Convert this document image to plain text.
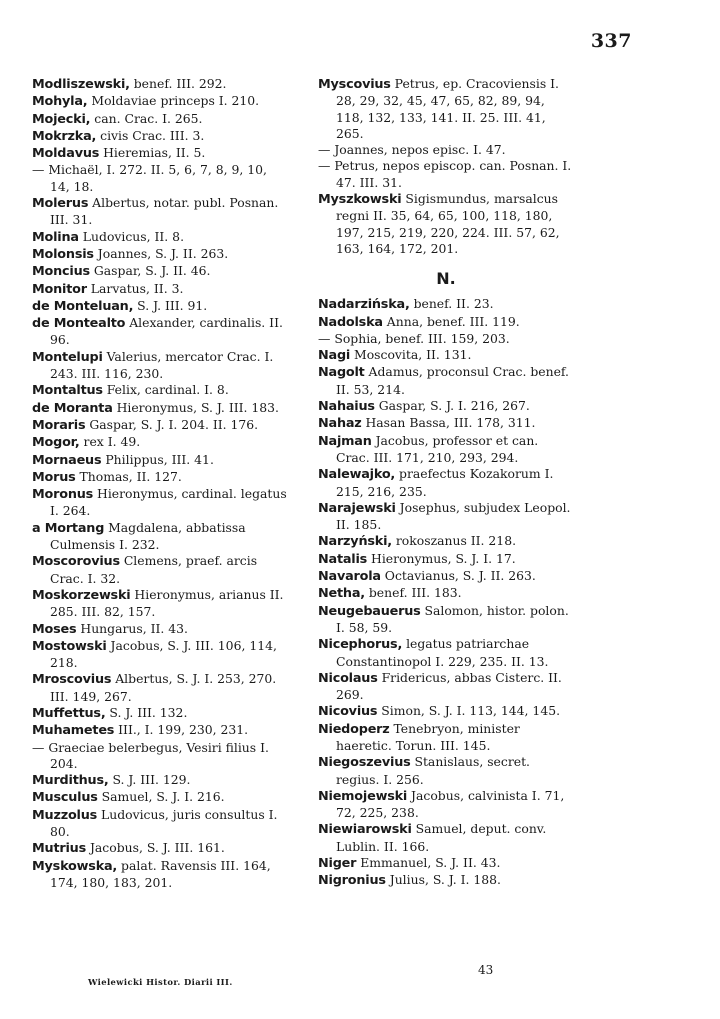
337

Modliszewski, benef. III. 292.

Mohyla, Moldaviae princeps I. 210.

Mojecki, can. Crac. I. 265.

Mokrzka, civis Crac. III. 3.

Moldavus Hieremias, II. 5.

— Michaël, I. 272. II. 5, 6, 7, 8, 9, 10, 14, 18.

Molerus Albertus, notar. publ. Posnan. III. 31.

Molina Ludovicus, II. 8.

Molonsis Joannes, S. J. II. 263.

Moncius Gaspar, S. J. II. 46.

Monitor Larvatus, II. 3.

de Monteluan, S. J. III. 91.

de Montealto Alexander, cardinalis. II. 96.

Montelupi Valerius, mercator Crac. I. 243. III. 116, 230.

Montaltus Felix, cardinal. I. 8.

de Moranta Hieronymus, S. J. III. 183.

Moraris Gaspar, S. J. I. 204. II. 176.

Mogor, rex I. 49.

Mornaeus Philippus, III. 41.

Morus Thomas, II. 127.

Moronus Hieronymus, cardinal. legatus I. 264.

a Mortang Magdalena, abbatissa Culmensis I. 232.

Moscorovius Clemens, praef. arcis Crac. I. 32.

Moskorzewski Hieronymus, arianus II. 285. III. 82, 157.

Moses Hungarus, II. 43.

Mostowski Jacobus, S. J. III. 106, 114, 218.

Mroscovius Albertus, S. J. I. 253, 270. III. 149, 267.

Muffettus, S. J. III. 132.

Muhametes III., I. 199, 230, 231.

— Graeciae belerbegus, Vesiri filius I. 204.

Murdithus, S. J. III. 129.

Musculus Samuel, S. J. I. 216.

Muzzolus Ludovicus, juris consultus I. 80.

Mutrius Jacobus, S. J. III. 161.

Myskowska, palat. Ravensis III. 164, 174, 180, 183, 201.

Myscovius Petrus, ep. Cracoviensis I. 28, 29, 32, 45, 47, 65, 82, 89, 94, 118, 132, 133, 141. II. 25. III. 41, 265.

— Joannes, nepos episc. I. 47.

— Petrus, nepos episcop. can. Posnan. I. 47. III. 31.

Myszkowski Sigismundus, marsalcus regni II. 35, 64, 65, 100, 118, 180, 197, 215, 219, 220, 224. III. 57, 62, 163, 164, 172, 201.

N.

Nadarzińska, benef. II. 23.

Nadolska Anna, benef. III. 119.

— Sophia, benef. III. 159, 203.

Nagi Moscovita, II. 131.

Nagolt Adamus, proconsul Crac. benef. II. 53, 214.

Nahaius Gaspar, S. J. I. 216, 267.

Nahaz Hasan Bassa, III. 178, 311.

Najman Jacobus, professor et can. Crac. III. 171, 210, 293, 294.

Nalewajko, praefectus Kozakorum I. 215, 216, 235.

Narajewski Josephus, subjudex Leopol. II. 185.

Narzyński, rokoszanus II. 218.

Natalis Hieronymus, S. J. I. 17.

Navarola Octavianus, S. J. II. 263.

Netha, benef. III. 183.

Neugebauerus Salomon, histor. polon. I. 58, 59.

Nicephorus, legatus patriarchae Constantinopol I. 229, 235. II. 13.

Nicolaus Fridericus, abbas Cisterc. II. 269.

Nicovius Simon, S. J. I. 113, 144, 145.

Niedoperz Tenebryon, minister haeretic. Torun. III. 145.

Niegoszevius Stanislaus, secret. regius. I. 256.

Niemojewski Jacobus, calvinista I. 71, 72, 225, 238.

Niewiarowski Samuel, deput. conv. Lublin. II. 166.

Niger Emmanuel, S. J. II. 43.

Nigronius Julius, S. J. I. 188.

Wielewicki Histor. Diarii III.
43
